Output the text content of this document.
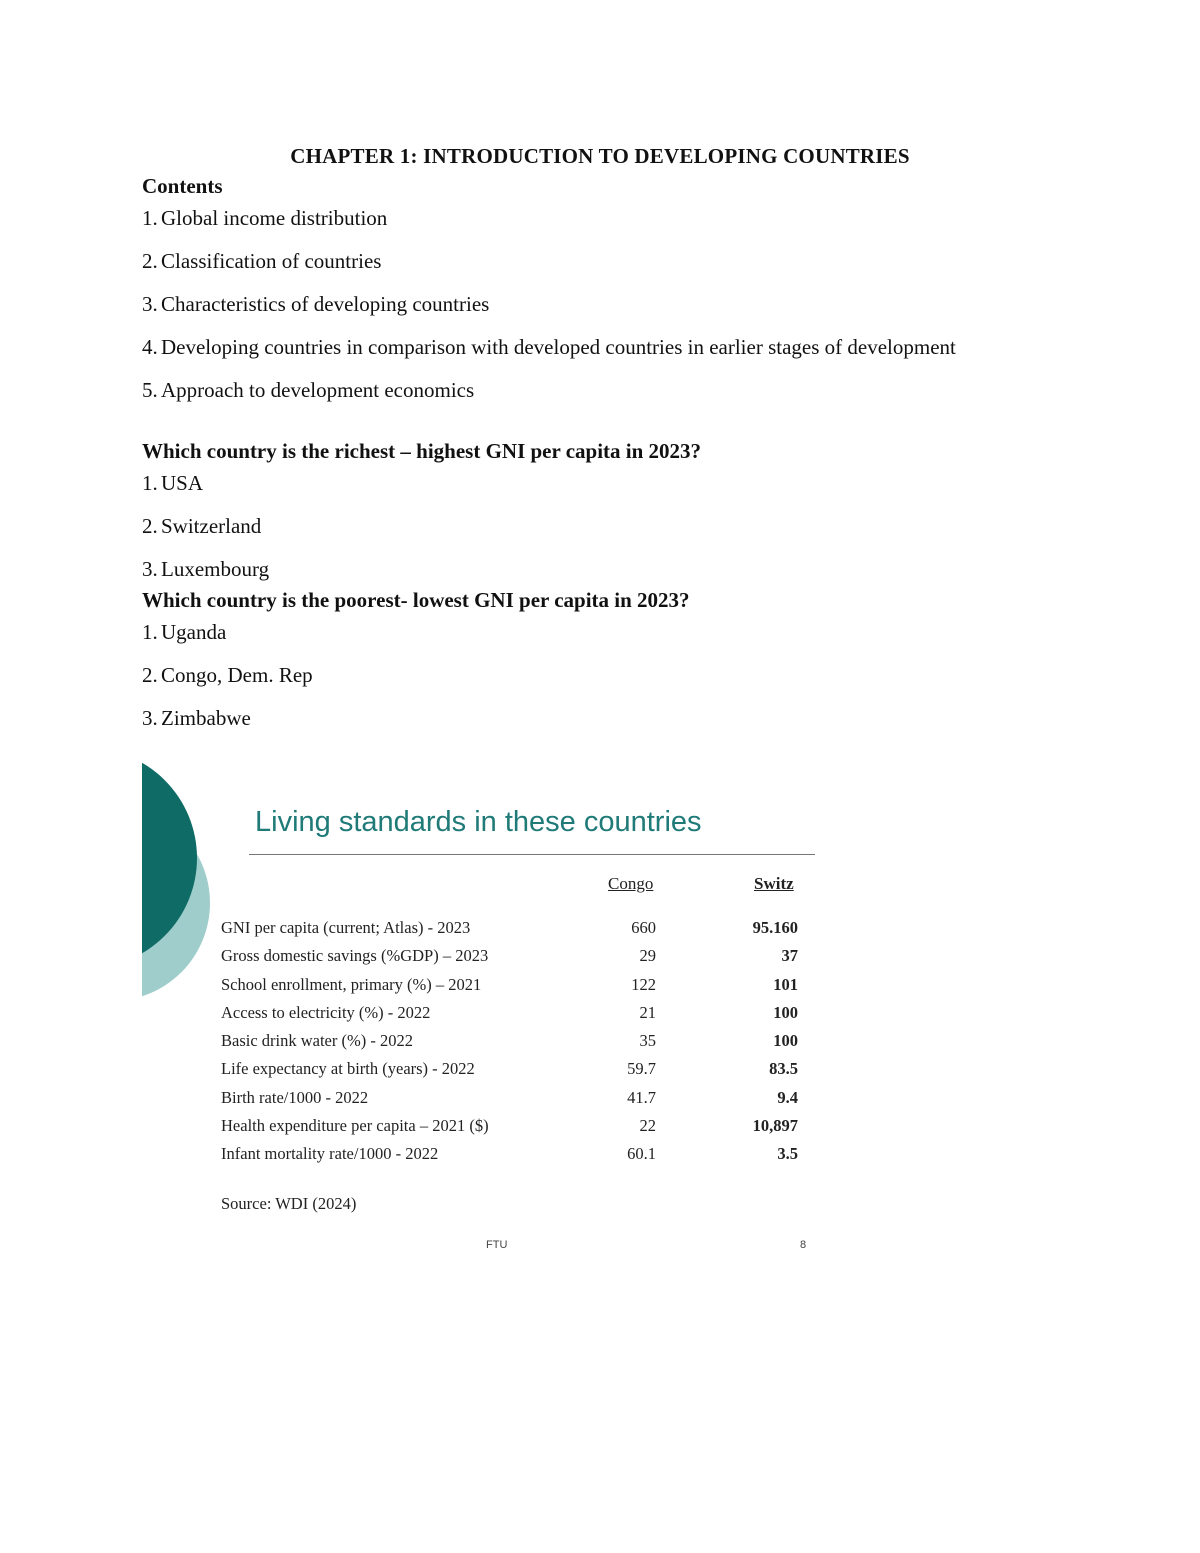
CHAPTER 1: INTRODUCTION TO DEVELOPING COUNTRIES
Contents
1. Global income distribution
2. Classification of countries
3. Characteristics of developing countries
4. Developing countries in comparison with developed countries in earlier stages of development
5. Approach to development economics
Which country is the richest – highest GNI per capita in 2023?
1. USA
2. Switzerland
3. Luxembourg
Which country is the poorest- lowest GNI per capita in 2023?
1. Uganda
2. Congo, Dem. Rep
3. Zimbabwe
Living standards in these countries
Congo	Switz
GNI per capita (current; Atlas) - 2023	660	95.160
Gross domestic savings (%GDP) – 2023	29	37
School enrollment, primary (%) – 2021	122	101
Access to electricity (%) - 2022	21	100
Basic drink water (%) - 2022	35	100
Life expectancy at birth (years) - 2022	59.7	83.5
Birth rate/1000 - 2022	41.7	9.4
Health expenditure per capita – 2021 ($)	22	10,897
Infant mortality rate/1000 - 2022	60.1	3.5
Source: WDI (2024)
FTU	8
